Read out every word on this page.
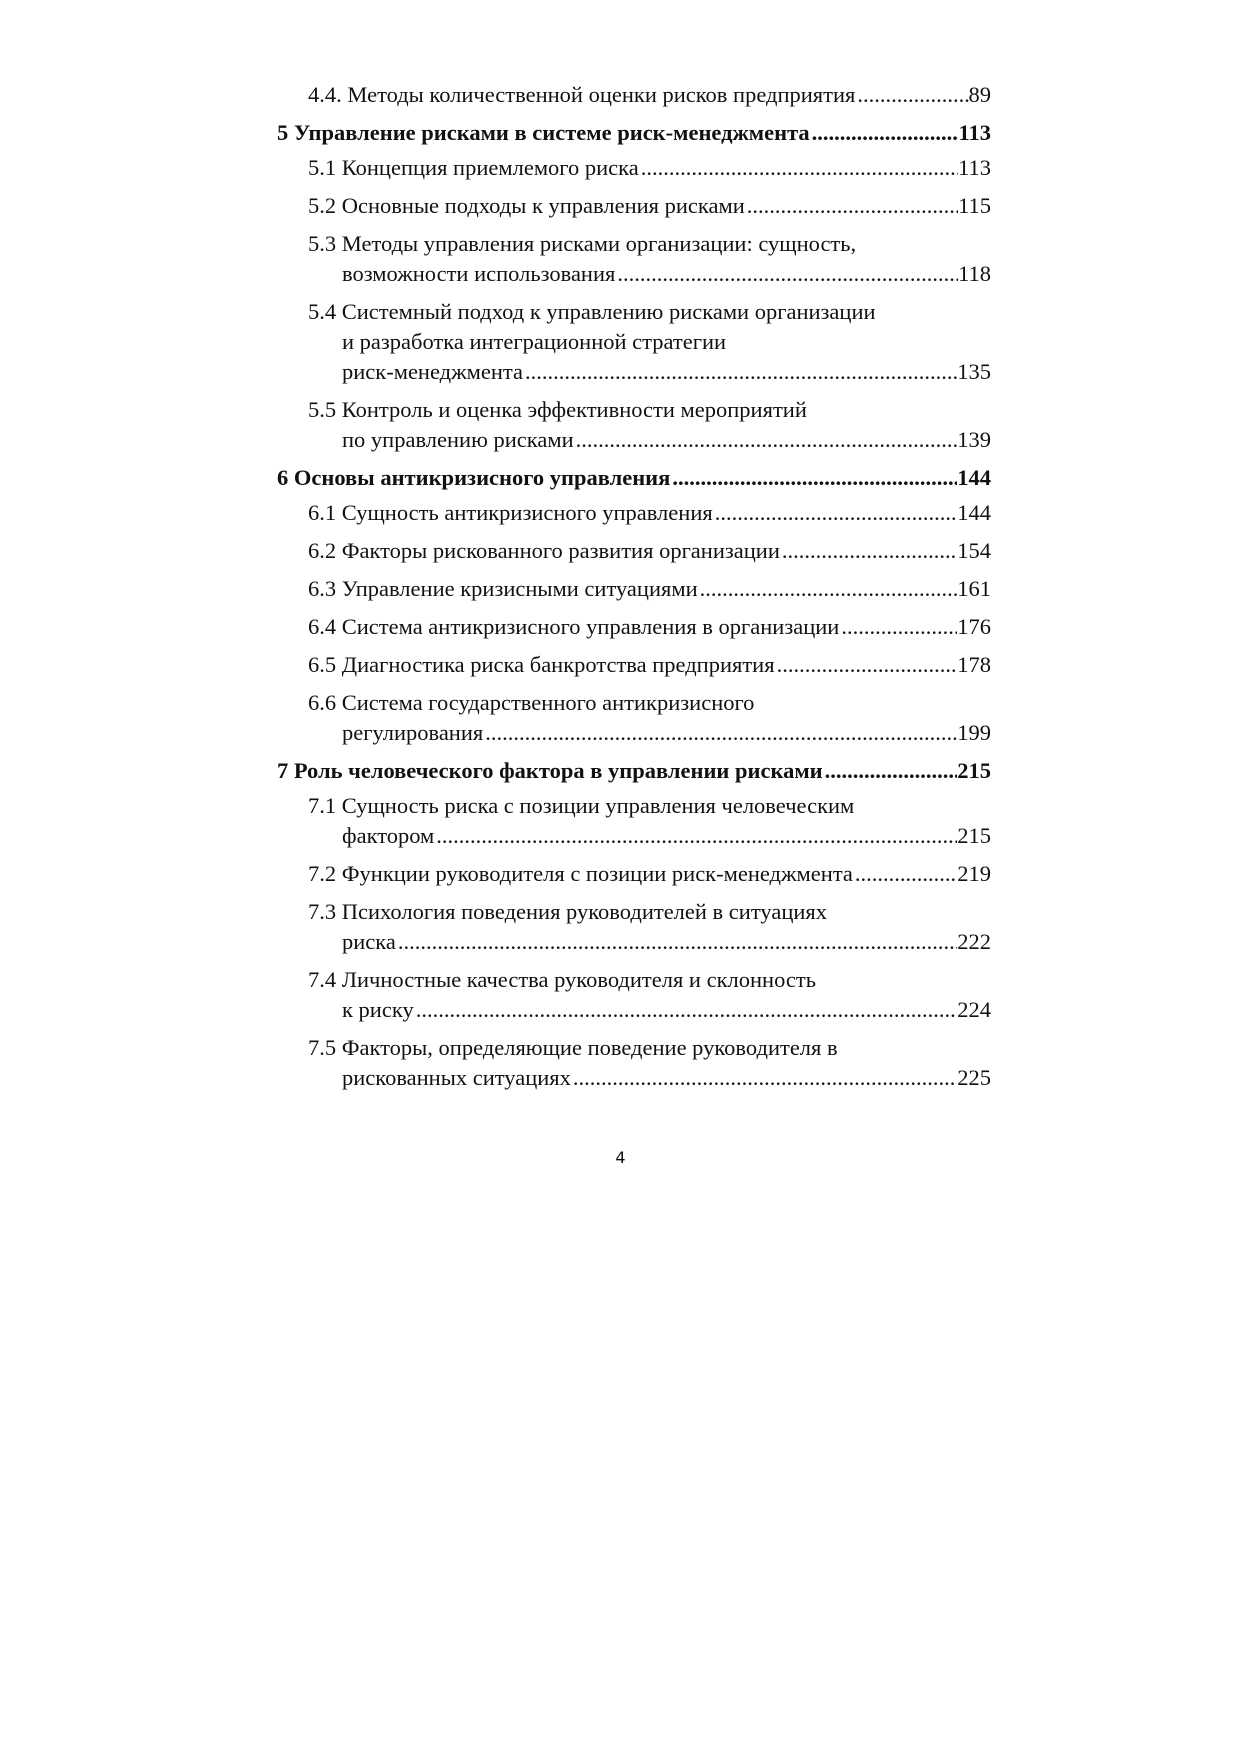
4.4. Методы количественной оценки рисков предприятия .....	89
5 Управление рисками в системе риск-менеджмента .....	113
5.1 Концепция приемлемого риска .....	113
5.2 Основные подходы к управления рисками .....	115
5.3 Методы управления рисками организации: сущность,
возможности использования .....	118
5.4 Системный подход к управлению рисками организации
и разработка интеграционной стратегии
риск-менеджмента .....	135
5.5 Контроль и оценка эффективности мероприятий
по управлению рисками .....	139
6 Основы антикризисного управления .....	144
6.1 Сущность антикризисного управления .....	144
6.2 Факторы рискованного развития организации .....	154
6.3 Управление кризисными ситуациями .....	161
6.4 Система антикризисного управления в организации .....	176
6.5 Диагностика риска банкротства предприятия .....	178
6.6 Система государственного антикризисного
регулирования .....	199
7 Роль человеческого фактора в управлении рисками .....	215
7.1 Сущность риска с позиции управления человеческим
фактором .....	215
7.2 Функции руководителя с позиции риск-менеджмента .....	219
7.3 Психология поведения руководителей в ситуациях
риска .....	222
7.4 Личностные качества руководителя и склонность
к риску .....	224
7.5 Факторы, определяющие поведение руководителя в
рискованных ситуациях .....	225
4
